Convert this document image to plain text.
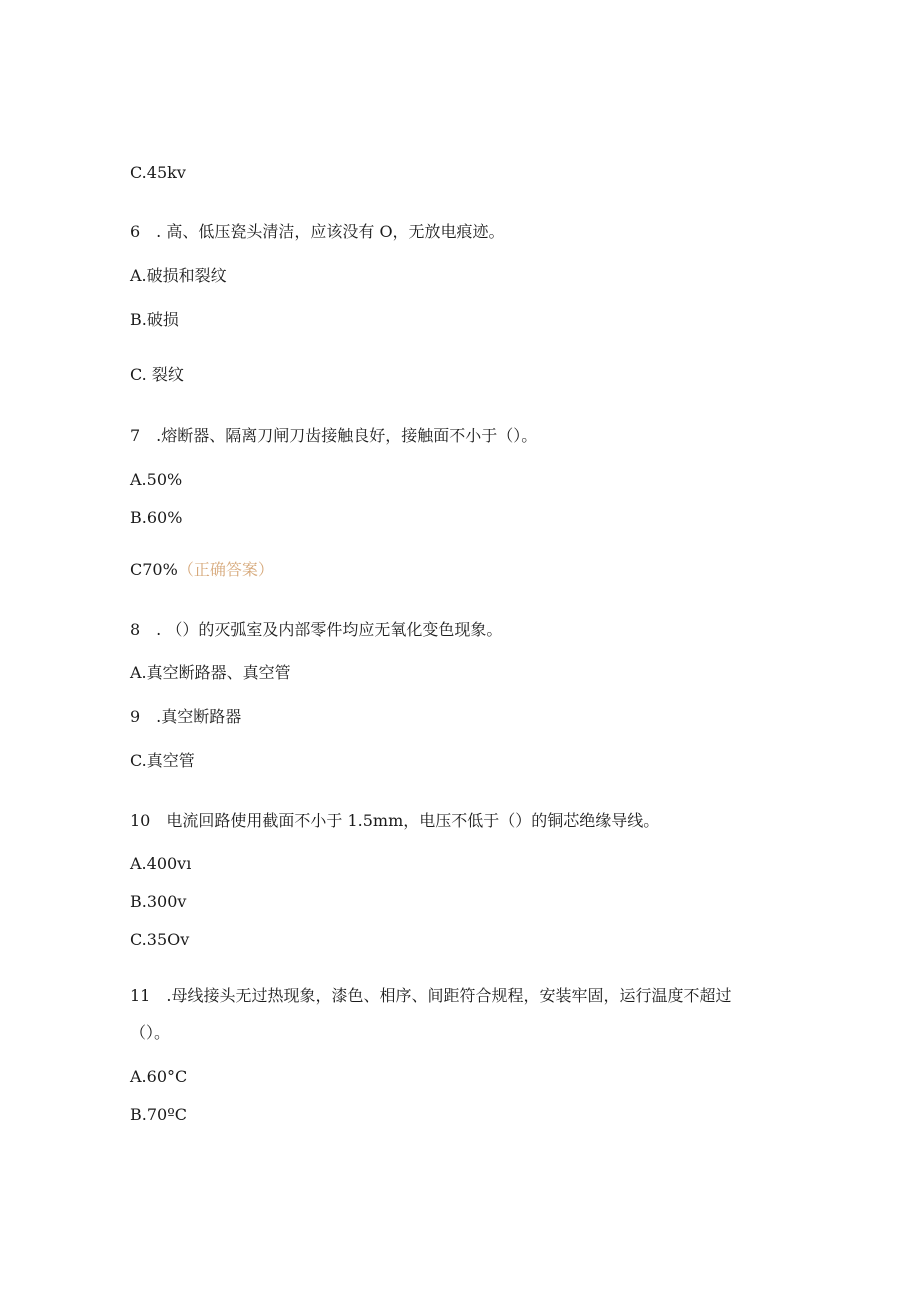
C.45kv
6　. 高、低压瓷头清洁，应该没有 O，无放电痕迹。
A.破损和裂纹
B.破损
C. 裂纹
7　.熔断器、隔离刀闸刀齿接触良好，接触面不小于（）。
A.50%
B.60%
C70%（正确答案）
8　. （）的灭弧室及内部零件均应无氧化变色现象。
A.真空断路器、真空管
9　.真空断路器
C.真空管
10　电流回路使用截面不小于 1.5mm，电压不低于（）的铜芯绝缘导线。
A.400vı
B.300v
C.35Ov
11　.母线接头无过热现象，漆色、相序、间距符合规程，安装牢固，运行温度不超过
（）。
A.60°C
B.70ºC
